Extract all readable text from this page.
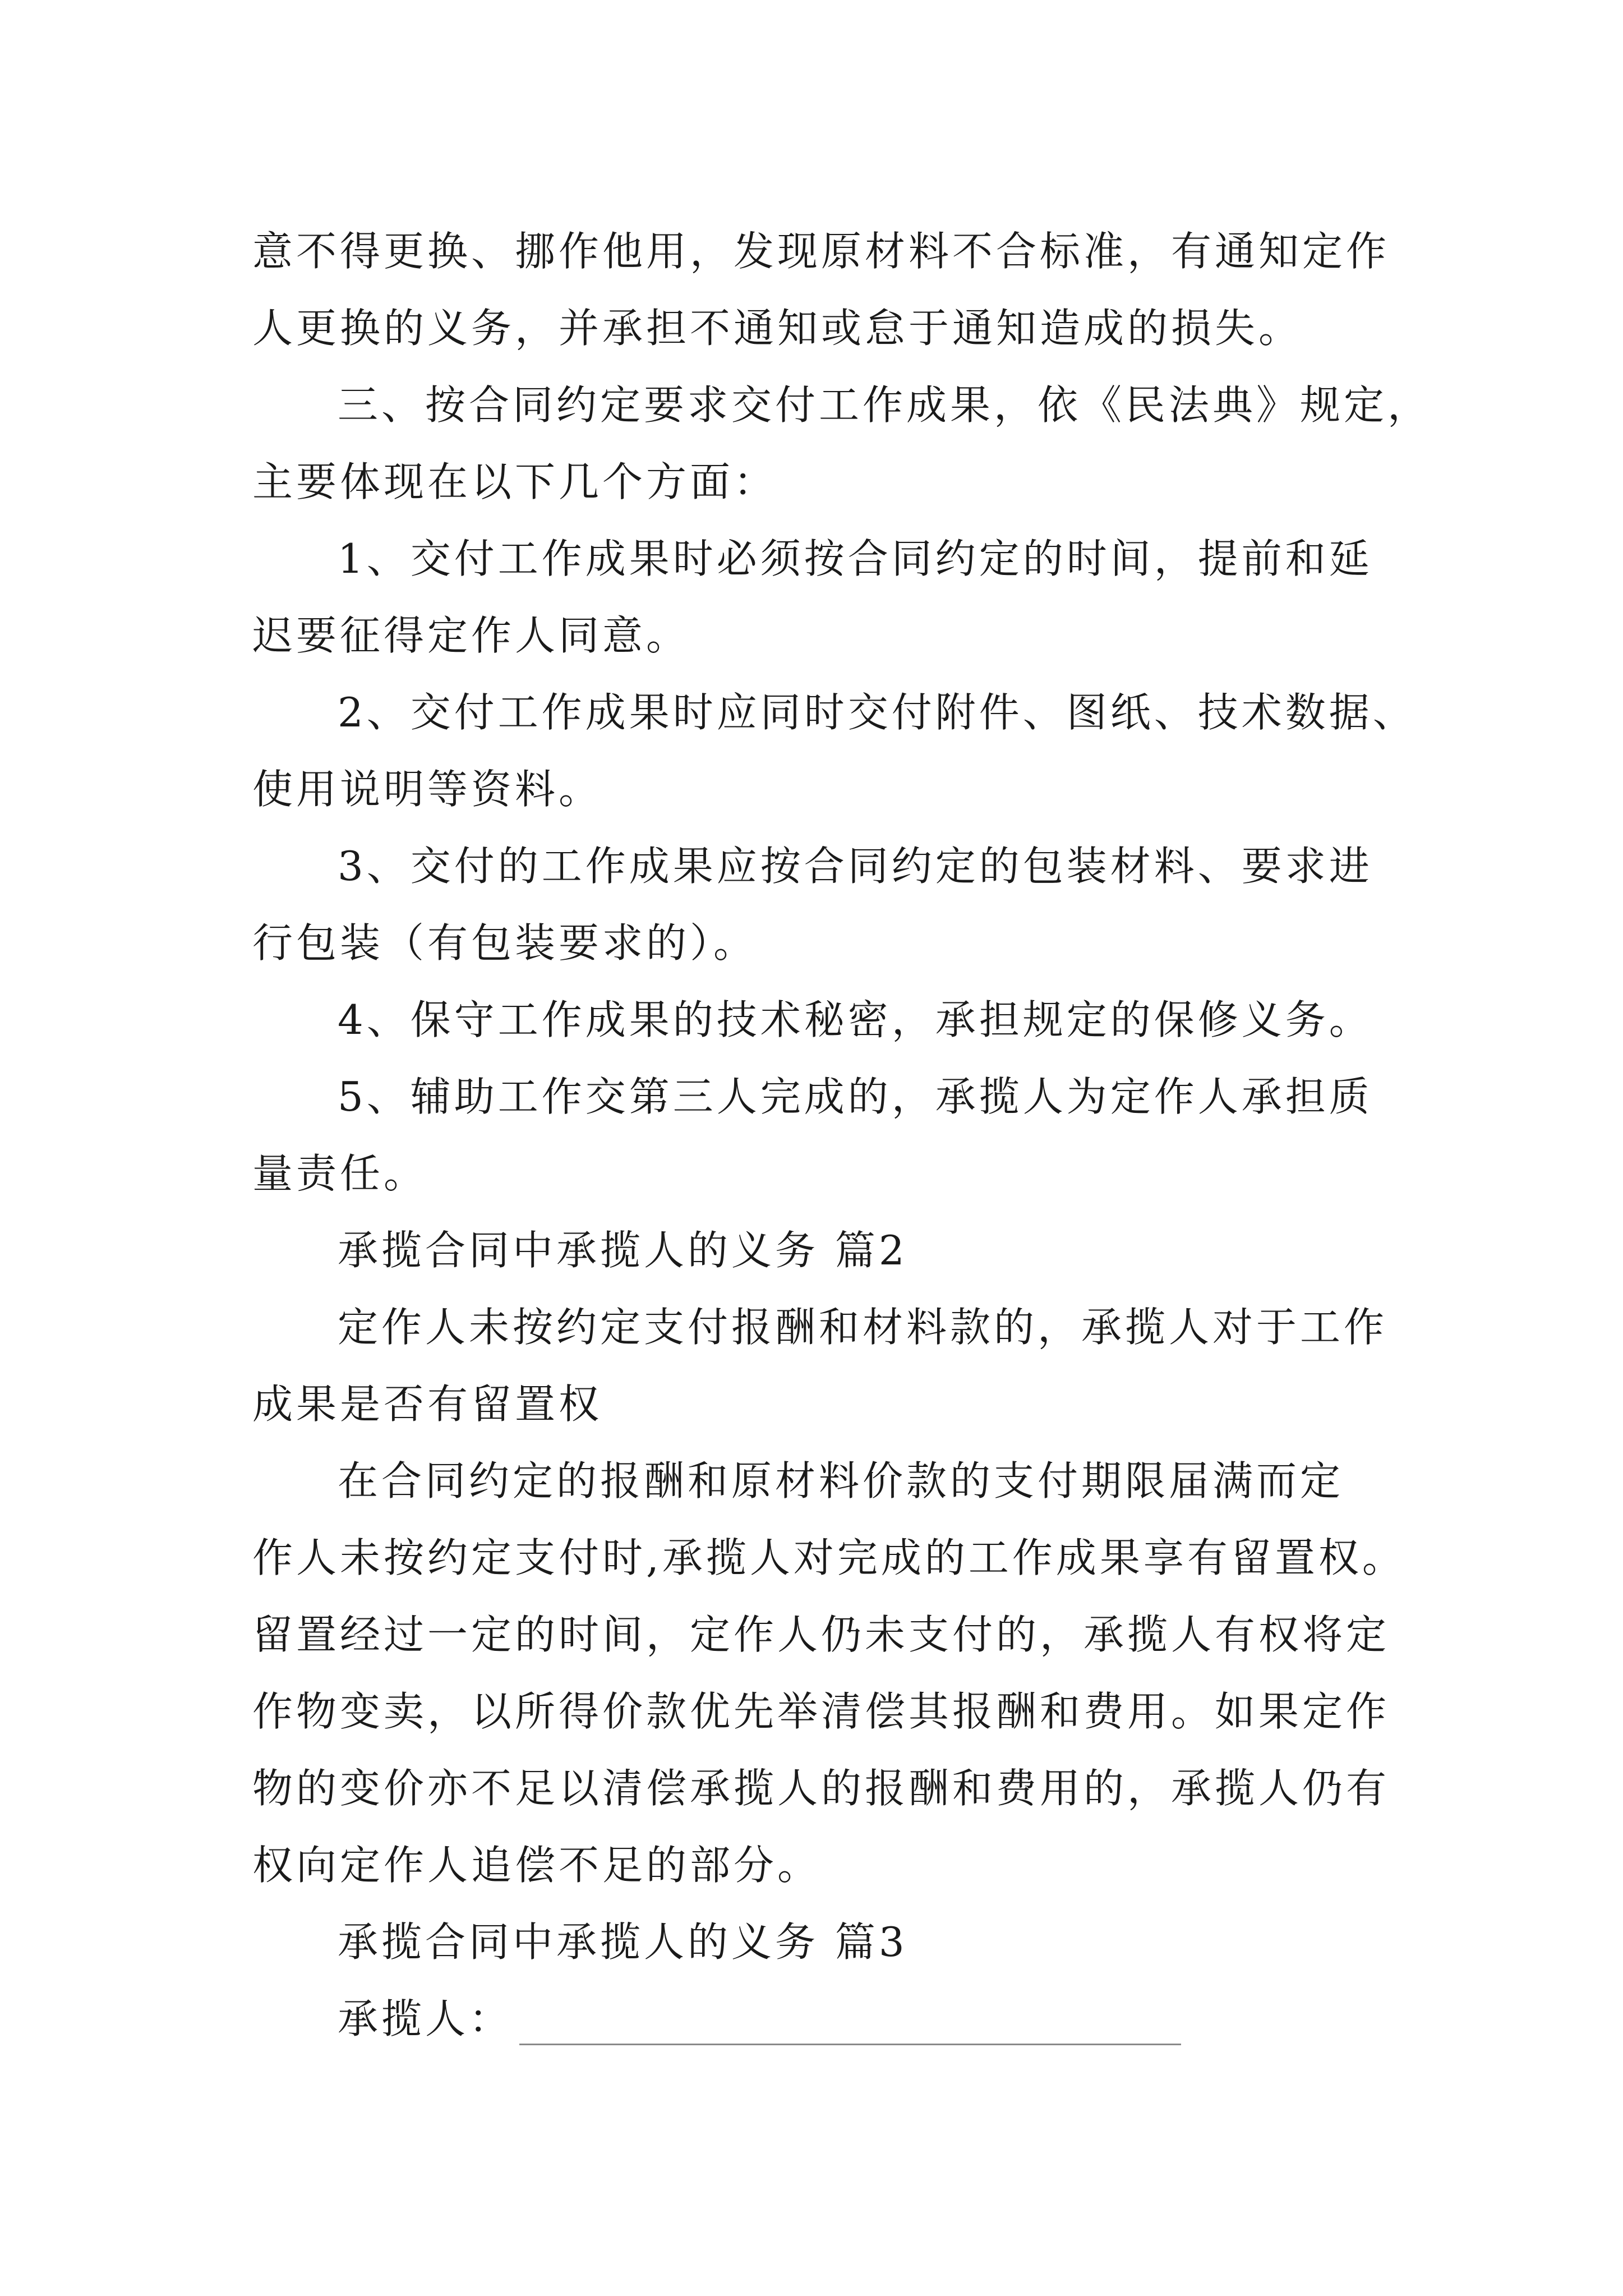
意不得更换、挪作他用，发现原材料不合标准，有通知定作
人更换的义务，并承担不通知或怠于通知造成的损失。
三、按合同约定要求交付工作成果，依《民法典》规定，
主要体现在以下几个方面：
1、交付工作成果时必须按合同约定的时间，提前和延
迟要征得定作人同意。
2、交付工作成果时应同时交付附件、图纸、技术数据、
使用说明等资料。
3、交付的工作成果应按合同约定的包装材料、要求进
行包装（有包装要求的）。
4、保守工作成果的技术秘密，承担规定的保修义务。
5、辅助工作交第三人完成的，承揽人为定作人承担质
量责任。
承揽合同中承揽人的义务 篇2
定作人未按约定支付报酬和材料款的，承揽人对于工作
成果是否有留置权
在合同约定的报酬和原材料价款的支付期限届满而定
作人未按约定支付时,承揽人对完成的工作成果享有留置权。
留置经过一定的时间，定作人仍未支付的，承揽人有权将定
作物变卖，以所得价款优先举清偿其报酬和费用。如果定作
物的变价亦不足以清偿承揽人的报酬和费用的，承揽人仍有
权向定作人追偿不足的部分。
承揽合同中承揽人的义务 篇3
承揽人：
